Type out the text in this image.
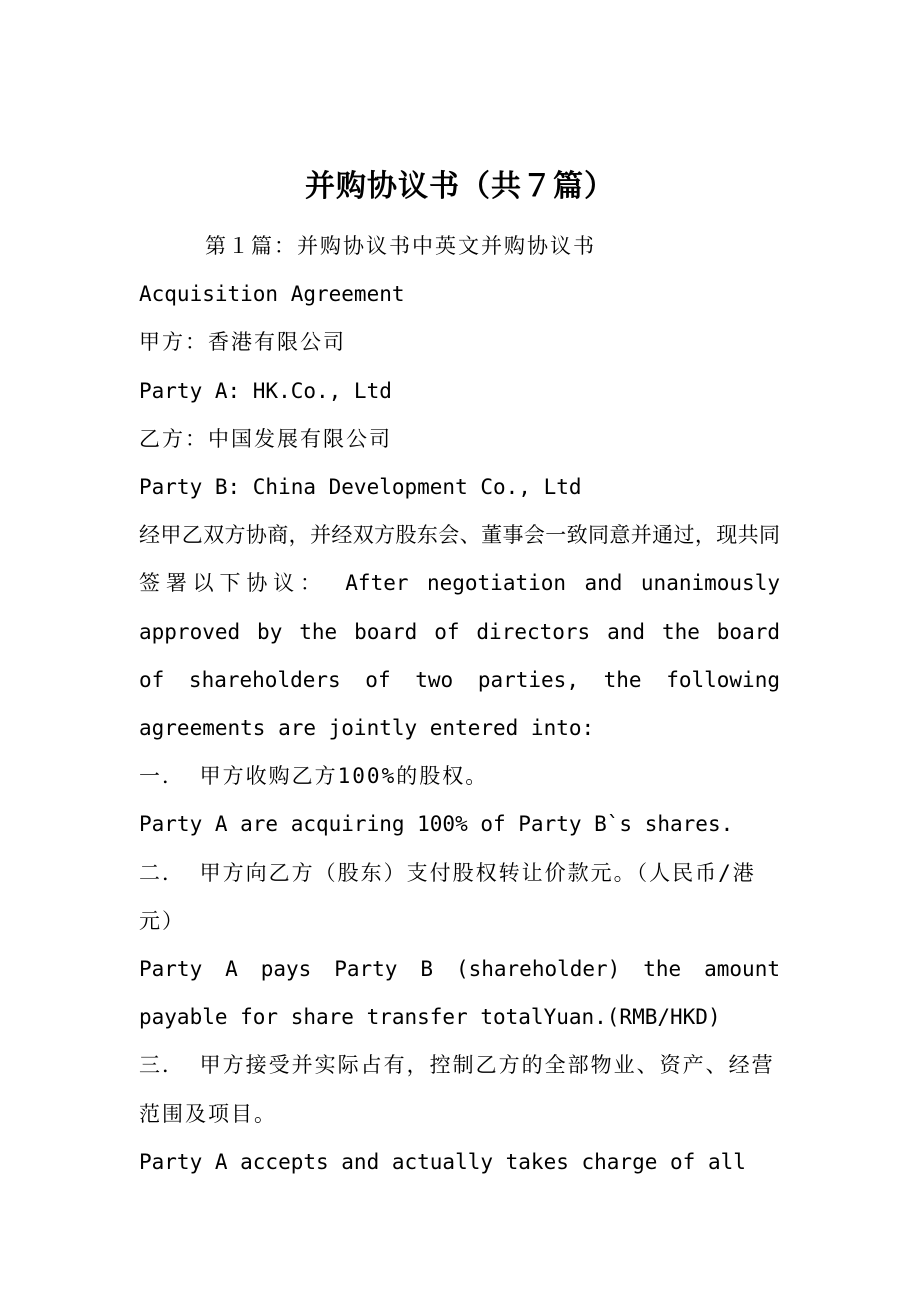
并购协议书（共７篇）

第１篇：并购协议书中英文并购协议书

Acquisition Agreement

甲方：香港有限公司

Party A: HK.Co., Ltd

乙方：中国发展有限公司

Party B: China Development Co., Ltd

经甲乙双方协商，并经双方股东会、董事会一致同意并通过，现共同签署以下协议： After negotiation and unanimously approved by the board of directors and the board of shareholders of two parties, the following agreements are jointly entered into:

一． 甲方收购乙方100%的股权。

Party A are acquiring 100% of Party B`s shares.

二． 甲方向乙方（股东）支付股权转让价款元。（人民币/港元）

Party A pays Party B (shareholder) the amount payable for share transfer totalYuan.(RMB/HKD)

三． 甲方接受并实际占有，控制乙方的全部物业、资产、经营范围及项目。

Party A accepts and actually takes charge of all
